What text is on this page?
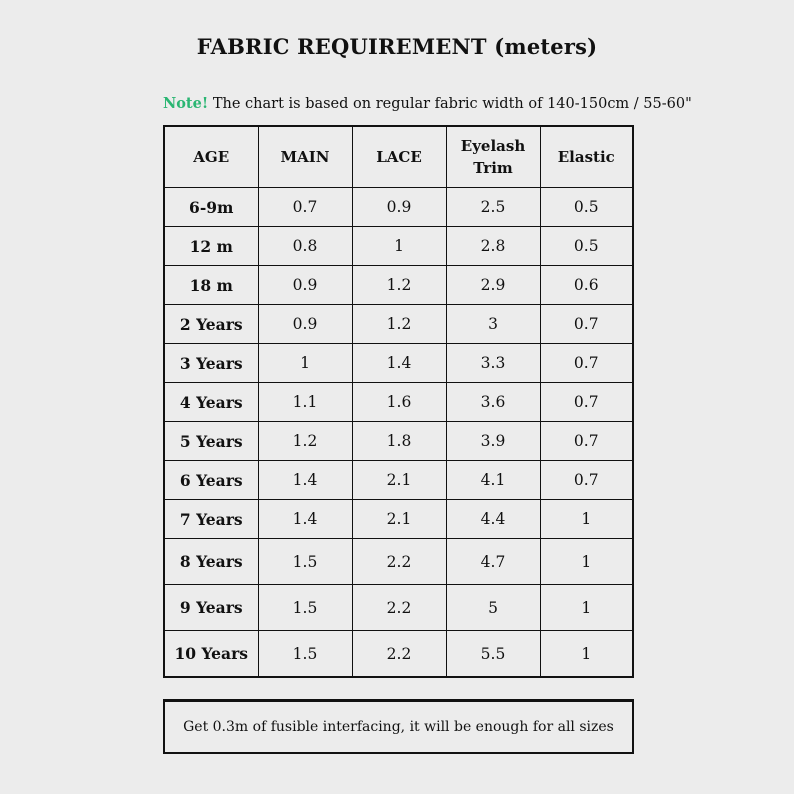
FABRIC REQUIREMENT (meters)
Note! The chart is based on regular fabric width of 140-150cm / 55-60"
AGE	MAIN	LACE	Eyelash Trim	Elastic
6-9m	0.7	0.9	2.5	0.5
12 m	0.8	1	2.8	0.5
18 m	0.9	1.2	2.9	0.6
2 Years	0.9	1.2	3	0.7
3 Years	1	1.4	3.3	0.7
4 Years	1.1	1.6	3.6	0.7
5 Years	1.2	1.8	3.9	0.7
6 Years	1.4	2.1	4.1	0.7
7 Years	1.4	2.1	4.4	1
8 Years	1.5	2.2	4.7	1
9 Years	1.5	2.2	5	1
10 Years	1.5	2.2	5.5	1
Get 0.3m of fusible interfacing, it will be enough for all sizes
